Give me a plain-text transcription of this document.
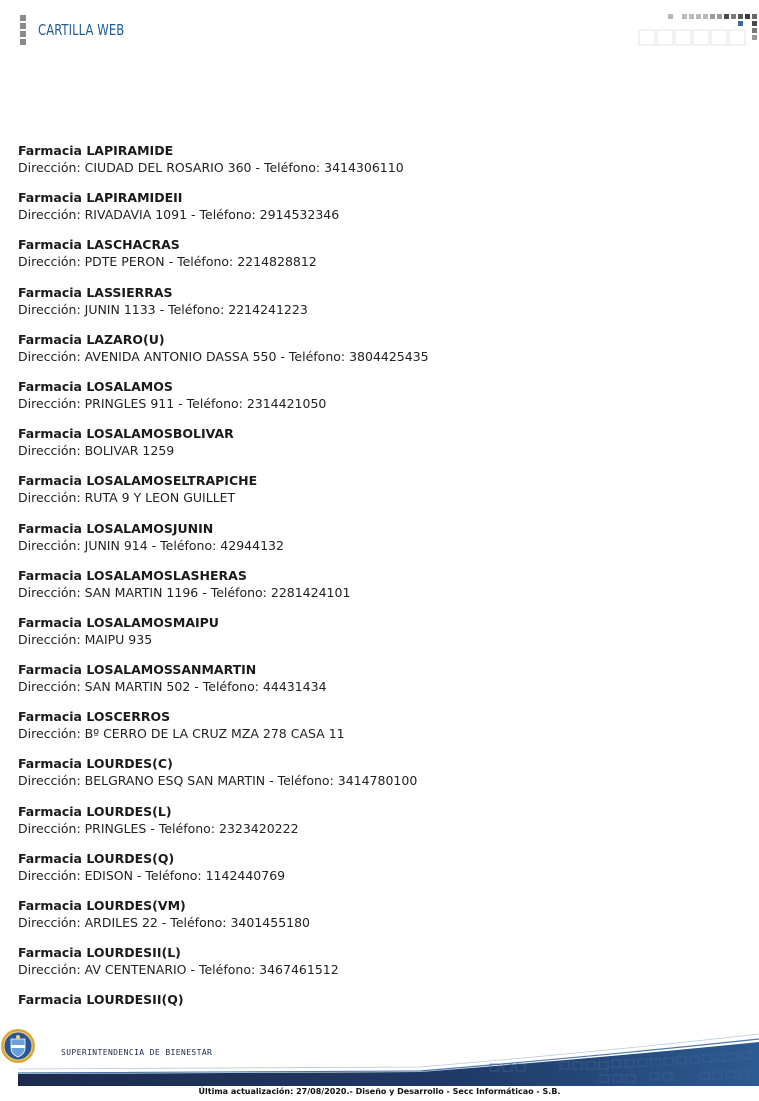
CARTILLA WEB
Farmacia LAPIRAMIDE
Dirección: CIUDAD DEL ROSARIO 360 - Teléfono: 3414306110
Farmacia LAPIRAMIDEII
Dirección: RIVADAVIA 1091 - Teléfono: 2914532346
Farmacia LASCHACRAS
Dirección: PDTE PERON - Teléfono: 2214828812
Farmacia LASSIERRAS
Dirección: JUNIN 1133 - Teléfono: 2214241223
Farmacia LAZARO(U)
Dirección: AVENIDA ANTONIO DASSA 550 - Teléfono: 3804425435
Farmacia LOSALAMOS
Dirección: PRINGLES 911 - Teléfono: 2314421050
Farmacia LOSALAMOSBOLIVAR
Dirección: BOLIVAR 1259
Farmacia LOSALAMOSELTRAPICHE
Dirección: RUTA 9 Y LEON GUILLET
Farmacia LOSALAMOSJUNIN
Dirección: JUNIN 914 - Teléfono: 42944132
Farmacia LOSALAMOSLASHERAS
Dirección: SAN MARTIN 1196 - Teléfono: 2281424101
Farmacia LOSALAMOSMAIPU
Dirección: MAIPU 935
Farmacia LOSALAMOSSANMARTIN
Dirección: SAN MARTIN 502 - Teléfono: 44431434
Farmacia LOSCERROS
Dirección: Bº CERRO DE LA CRUZ MZA 278 CASA 11
Farmacia LOURDES(C)
Dirección: BELGRANO ESQ SAN MARTIN - Teléfono: 3414780100
Farmacia LOURDES(L)
Dirección: PRINGLES - Teléfono: 2323420222
Farmacia LOURDES(Q)
Dirección: EDISON - Teléfono: 1142440769
Farmacia LOURDES(VM)
Dirección: ARDILES 22 - Teléfono: 3401455180
Farmacia LOURDESII(L)
Dirección: AV CENTENARIO - Teléfono: 3467461512
Farmacia LOURDESII(Q)
SUPERINTENDENCIA DE BIENESTAR
Última actualización: 27/08/2020.- Diseño y Desarrollo - Secc Informáticao - S.B.
